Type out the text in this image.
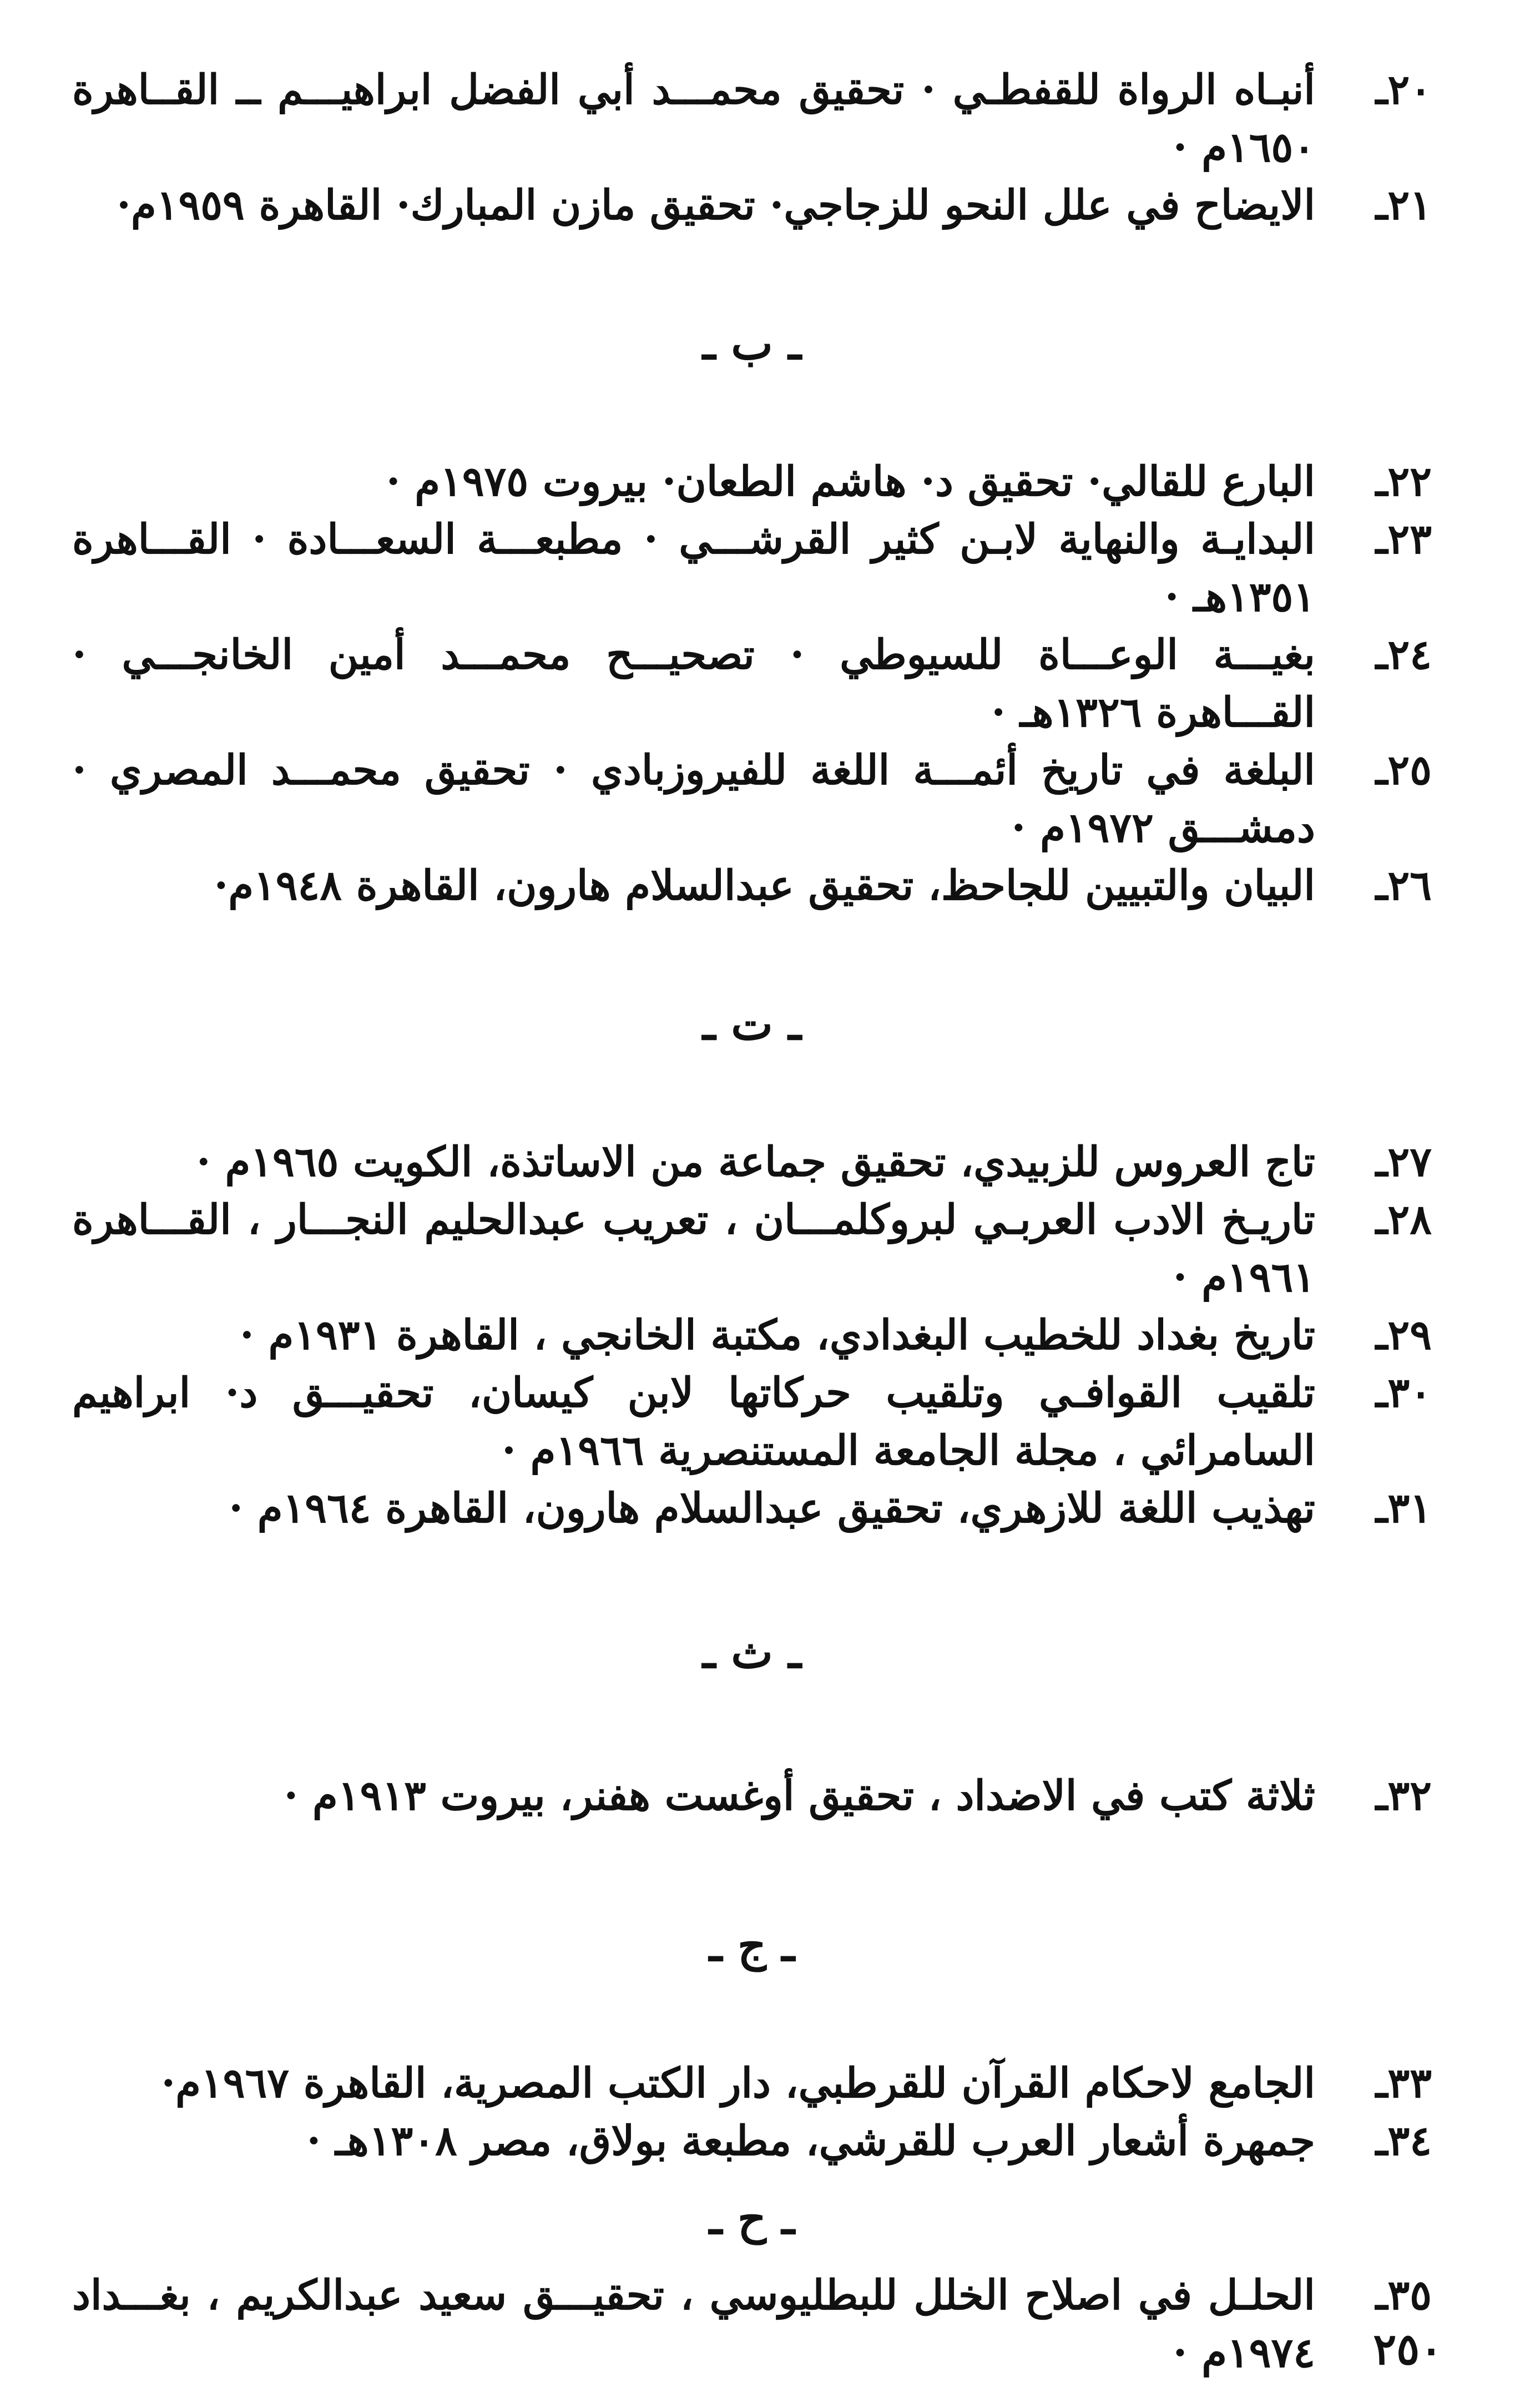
٢٠ـ
أنبـاه الرواة للقفطـي · تحقيق محمـــد أبي الفضل ابراهيـــم ــ القــاهرة ١٦٥٠م ·
٢١ـ
الايضاح في علل النحو للزجاجي· تحقيق مازن المبارك· القاهرة ١٩٥٩م·
ـ ب ـ
٢٢ـ
البارع للقالي· تحقيق د· هاشم الطعان· بيروت ١٩٧٥م ·
٢٣ـ
البدايـة والنهاية لابـن كثير القرشـــي · مطبعـــة السعـــادة · القـــاهرة ١٣٥١هـ ·
٢٤ـ
بغيـــة الوعـــاة للسيوطي · تصحيـــح محمـــد أمين الخانجـــي · القـــاهرة ١٣٢٦هـ ·
٢٥ـ
البلغة في تاريخ أئمـــة اللغة للفيروزبادي · تحقيق محمـــد المصري · دمشـــق ١٩٧٢م ·
٢٦ـ
البيان والتبيين للجاحظ، تحقيق عبدالسلام هارون، القاهرة ١٩٤٨م·
ـ ت ـ
٢٧ـ
تاج العروس للزبيدي، تحقيق جماعة من الاساتذة، الكويت ١٩٦٥م ·
٢٨ـ
تاريـخ الادب العربـي لبروكلمـــان ، تعريب عبدالحليم النجـــار ، القـــاهرة ١٩٦١م ·
٢٩ـ
تاريخ بغداد للخطيب البغدادي، مكتبة الخانجي ، القاهرة ١٩٣١م ·
٣٠ـ
تلقيب القوافـي وتلقيب حركاتها لابن كيسان، تحقيـــق د· ابراهيم السامرائي ، مجلة الجامعة المستنصرية ١٩٦٦م ·
٣١ـ
تهذيب اللغة للازهري، تحقيق عبدالسلام هارون، القاهرة ١٩٦٤م ·
ـ ث ـ
٣٢ـ
ثلاثة كتب في الاضداد ، تحقيق أوغست هفنر، بيروت ١٩١٣م ·
ـ ج ـ
٣٣ـ
الجامع لاحكام القرآن للقرطبي، دار الكتب المصرية، القاهرة ١٩٦٧م·
٣٤ـ
جمهرة أشعار العرب للقرشي، مطبعة بولاق، مصر ١٣٠٨هـ ·
ـ ح ـ
٣٥ـ
الحلـل في اصلاح الخلل للبطليوسي ، تحقيـــق سعيد عبدالكريم ، بغـــداد ١٩٧٤م · ٢٥٠
